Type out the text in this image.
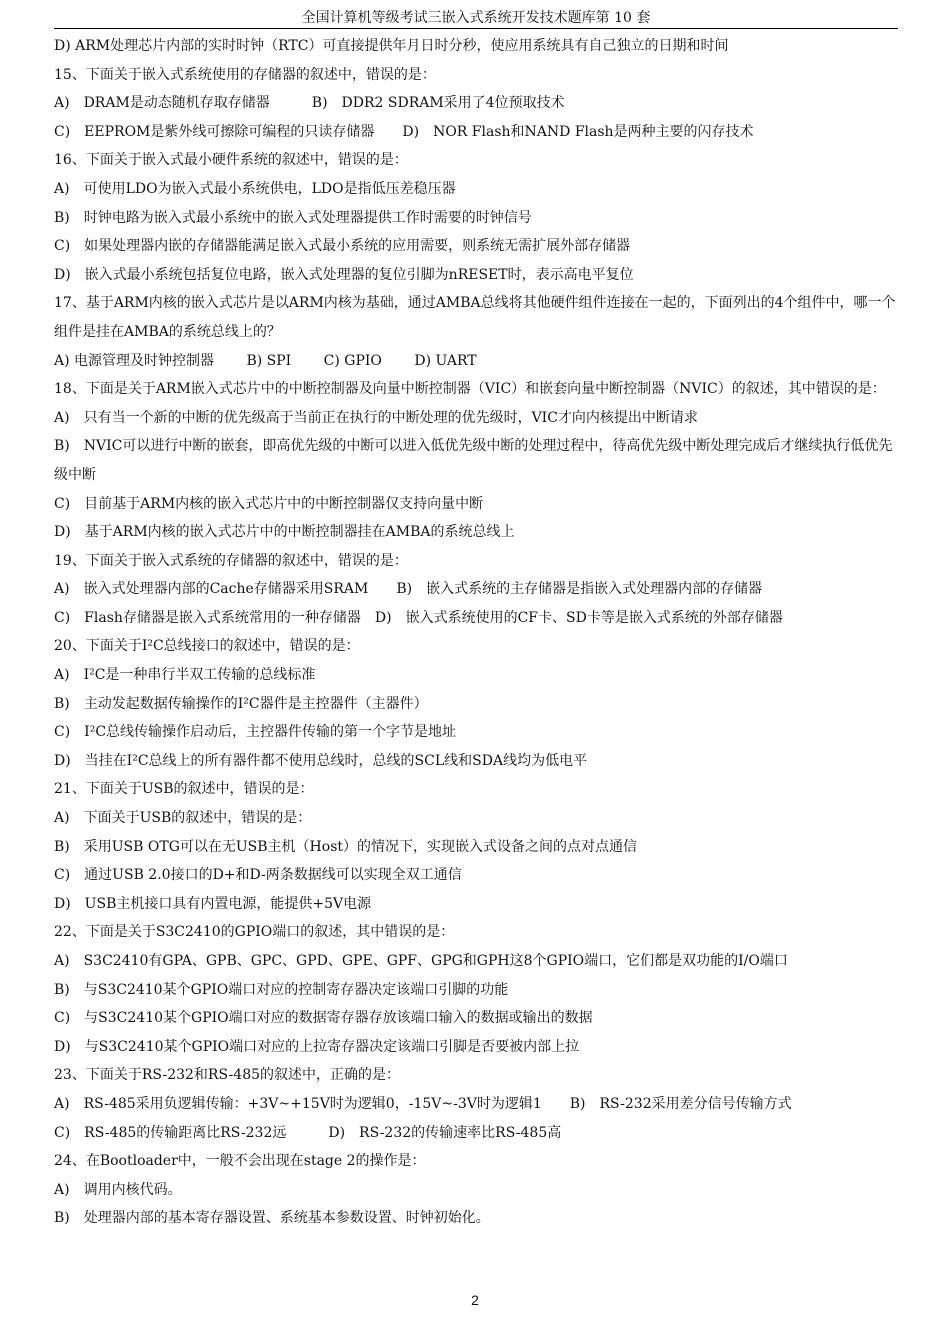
全国计算机等级考试三嵌入式系统开发技术题库第 10 套
D) ARM处理芯片内部的实时时钟（RTC）可直接提供年月日时分秒，使应用系统具有自己独立的日期和时间
15、下面关于嵌入式系统使用的存储器的叙述中，错误的是：
A)　DRAM是动态随机存取存储器　　　B)　DDR2 SDRAM采用了4位预取技术
C)　EEPROM是紫外线可擦除可编程的只读存储器　　D)　NOR Flash和NAND Flash是两种主要的闪存技术
16、下面关于嵌入式最小硬件系统的叙述中，错误的是：
A)　可使用LDO为嵌入式最小系统供电，LDO是指低压差稳压器
B)　时钟电路为嵌入式最小系统中的嵌入式处理器提供工作时需要的时钟信号
C)　如果处理器内嵌的存储器能满足嵌入式最小系统的应用需要，则系统无需扩展外部存储器
D)　嵌入式最小系统包括复位电路，嵌入式处理器的复位引脚为nRESET时，表示高电平复位
17、基于ARM内核的嵌入式芯片是以ARM内核为基础，通过AMBA总线将其他硬件组件连接在一起的，下面列出的4个组件中，哪一个组件是挂在AMBA的系统总线上的？
A) 电源管理及时钟控制器　　 B) SPI　　 C) GPIO　　 D) UART
18、下面是关于ARM嵌入式芯片中的中断控制器及向量中断控制器（VIC）和嵌套向量中断控制器（NVIC）的叙述，其中错误的是：
A)　只有当一个新的中断的优先级高于当前正在执行的中断处理的优先级时，VIC才向内核提出中断请求
B)　NVIC可以进行中断的嵌套，即高优先级的中断可以进入低优先级中断的处理过程中，待高优先级中断处理完成后才继续执行低优先级中断
C)　目前基于ARM内核的嵌入式芯片中的中断控制器仅支持向量中断
D)　基于ARM内核的嵌入式芯片中的中断控制器挂在AMBA的系统总线上
19、下面关于嵌入式系统的存储器的叙述中，错误的是：
A)　嵌入式处理器内部的Cache存储器采用SRAM　　B)　嵌入式系统的主存储器是指嵌入式处理器内部的存储器
C)　Flash存储器是嵌入式系统常用的一种存储器　D)　嵌入式系统使用的CF卡、SD卡等是嵌入式系统的外部存储器
20、下面关于I²C总线接口的叙述中，错误的是：
A)　I²C是一种串行半双工传输的总线标准
B)　主动发起数据传输操作的I²C器件是主控器件（主器件）
C)　I²C总线传输操作启动后，主控器件传输的第一个字节是地址
D)　当挂在I²C总线上的所有器件都不使用总线时，总线的SCL线和SDA线均为低电平
21、下面关于USB的叙述中，错误的是：
A)　下面关于USB的叙述中，错误的是：
B)　采用USB OTG可以在无USB主机（Host）的情况下，实现嵌入式设备之间的点对点通信
C)　通过USB 2.0接口的D+和D-两条数据线可以实现全双工通信
D)　USB主机接口具有内置电源，能提供+5V电源
22、下面是关于S3C2410的GPIO端口的叙述，其中错误的是：
A)　S3C2410有GPA、GPB、GPC、GPD、GPE、GPF、GPG和GPH这8个GPIO端口，它们都是双功能的I/O端口
B)　与S3C2410某个GPIO端口对应的控制寄存器决定该端口引脚的功能
C)　与S3C2410某个GPIO端口对应的数据寄存器存放该端口输入的数据或输出的数据
D)　与S3C2410某个GPIO端口对应的上拉寄存器决定该端口引脚是否要被内部上拉
23、下面关于RS-232和RS-485的叙述中，正确的是：
A)　RS-485采用负逻辑传输：+3V~+15V时为逻辑0，-15V~-3V时为逻辑1　　B)　RS-232采用差分信号传输方式
C)　RS-485的传输距离比RS-232远　　　D)　RS-232的传输速率比RS-485高
24、在Bootloader中，一般不会出现在stage 2的操作是：
A)　调用内核代码。
B)　处理器内部的基本寄存器设置、系统基本参数设置、时钟初始化。
2
